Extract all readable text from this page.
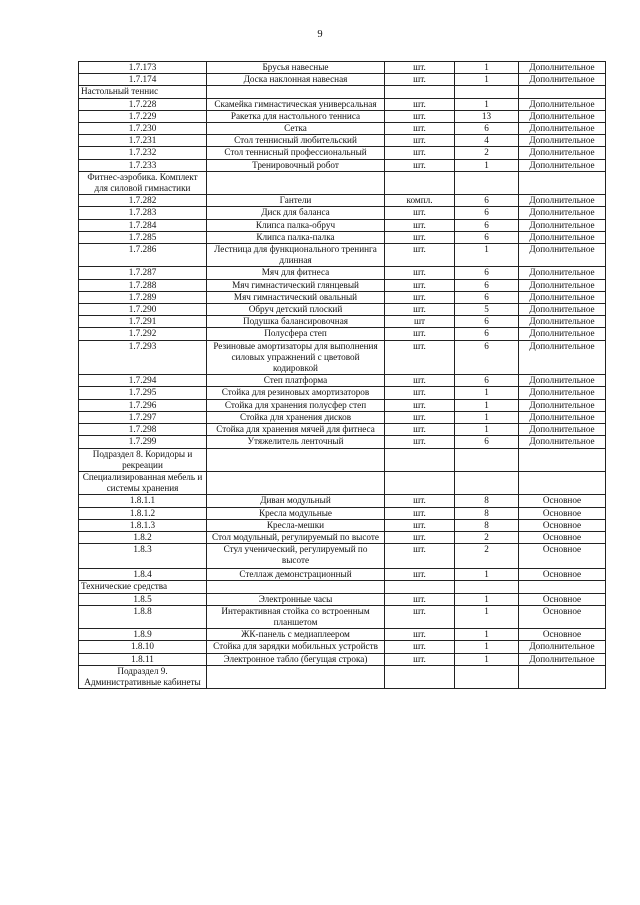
9
1.7.173	Брусья навесные	шт.	1	Дополнительное
1.7.174	Доска наклонная навесная	шт.	1	Дополнительное
Настольный теннис				
1.7.228	Скамейка гимнастическая универсальная	шт.	1	Дополнительное
1.7.229	Ракетка для настольного тенниса	шт.	13	Дополнительное
1.7.230	Сетка	шт.	6	Дополнительное
1.7.231	Стол теннисный любительский	шт.	4	Дополнительное
1.7.232	Стол теннисный профессиональный	шт.	2	Дополнительное
1.7.233	Тренировочный робот	шт.	1	Дополнительное
Фитнес-аэробика. Комплект для силовой гимнастики				
1.7.282	Гантели	компл.	6	Дополнительное
1.7.283	Диск для баланса	шт.	6	Дополнительное
1.7.284	Клипса палка-обруч	шт.	6	Дополнительное
1.7.285	Клипса палка-палка	шт.	6	Дополнительное
1.7.286	Лестница для функционального тренинга длинная	шт.	1	Дополнительное
1.7.287	Мяч для фитнеса	шт.	6	Дополнительное
1.7.288	Мяч гимнастический глянцевый	шт.	6	Дополнительное
1.7.289	Мяч гимнастический овальный	шт.	6	Дополнительное
1.7.290	Обруч детский плоский	шт.	5	Дополнительное
1.7.291	Подушка балансировочная	шт	6	Дополнительное
1.7.292	Полусфера степ	шт.	6	Дополнительное
1.7.293	Резиновые амортизаторы для выполнения силовых упражнений с цветовой кодировкой	шт.	6	Дополнительное
1.7.294	Степ платформа	шт.	6	Дополнительное
1.7.295	Стойка для резиновых амортизаторов	шт.	1	Дополнительное
1.7.296	Стойка для хранения полусфер степ	шт.	1	Дополнительное
1.7.297	Стойка для хранения дисков	шт.	1	Дополнительное
1.7.298	Стойка для хранения мячей для фитнеса	шт.	1	Дополнительное
1.7.299	Утяжелитель ленточный	шт.	6	Дополнительное
Подраздел 8. Коридоры и рекреации				
Специализированная мебель и системы хранения				
1.8.1.1	Диван модульный	шт.	8	Основное
1.8.1.2	Кресла модульные	шт.	8	Основное
1.8.1.3	Кресла-мешки	шт.	8	Основное
1.8.2	Стол модульный, регулируемый по высоте	шт.	2	Основное
1.8.3	Стул ученический, регулируемый по высоте	шт.	2	Основное
1.8.4	Стеллаж демонстрационный	шт.	1	Основное
Технические средства				
1.8.5	Электронные часы	шт.	1	Основное
1.8.8	Интерактивная стойка со встроенным планшетом	шт.	1	Основное
1.8.9	ЖК-панель с медиаплеером	шт.	1	Основное
1.8.10	Стойка для зарядки мобильных устройств	шт.	1	Дополнительное
1.8.11	Электронное табло (бегущая строка)	шт.	1	Дополнительное
Подраздел 9. Административные кабинеты				
